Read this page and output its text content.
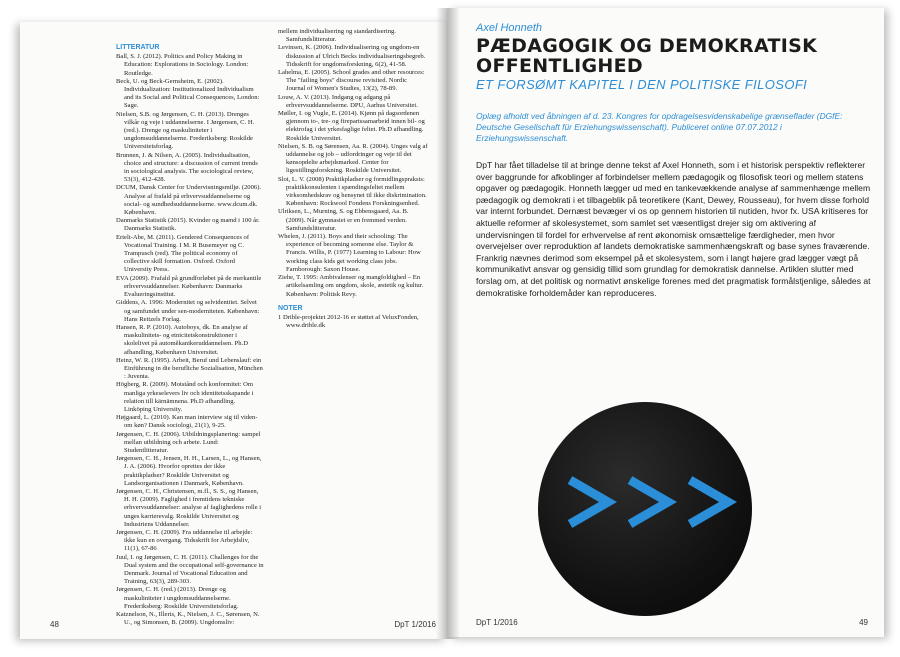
LITTERATUR

Ball, S. J. (2012). Politics and Policy Making in Education: Explorations in Sociology. London: Routledge.

Beck, U. og Beck-Gernsheim, E. (2002). Individualization: Institutionalized Individualism and its Social and Political Consequences, London: Sage.

Nielsen, S.B. og Jørgensen, C. H. (2013). Drenges vilkår og veje i uddannelserne. I Jørgensen, C. H. (red.). Drenge og maskuliniteter i ungdomsuddannelserne. Frederiksberg: Roskilde Universitetsforlag.

Brunnen, J. & Nilsen, A. (2005). Individualisation, choice and structure: a discussion of current trends in sociological analysis. The sociological review, 53(3), 412-428.

DCUM, Dansk Center for Undervisningsmiljø. (2006). Analyse af frafald på erhvervsuddannelserne og social- og sundhedsuddannelserne. www.dcum.dk. København.

Danmarks Statistik (2015). Kvinder og mænd i 100 år. Danmarks Statistik.

Ertelt-Abe, M. (2011). Gendered Consequences of Vocational Training. I M. R Busemeyer og C. Trampusch (red). The political economy of collective skill formation. Oxford. Oxford University Press.

EVA (2009). Frafald på grundforløbet på de merkantile erhvervsuddannelser. København: Danmarks Evalueringsinstitut.

Giddens, A. 1996: Modernitet og selvidentitet. Selvet og samfundet under sen-moderniteten. København: Hans Reitzels Forlag.

Hansen, R. P. (2010). Autoboys, dk. En analyse af maskulinitets- og etnicitetskonstruktioner i skolelivet på automěkanikeruddannelsen. Ph.D afhandling, København Universitet.

Heinz, W. R. (1995). Arbeit, Beruf und Lebenslauf: ein Einführung in die berufliche Sozialisation, München : Juventa.

Högberg, R. (2009). Motstånd och konformitet: Om manliga yrkeselevers liv och identitetsskapande i relation till kärnämnena. Ph.D afhandling. Linköping University.

Højgaard, L. (2010). Kan man interview sig til viden-om køn? Dansk sociologi, 21(1), 9-25.

Jørgensen, C. H. (2006). Utbildningsplanering: sampel mellan utbildning och arbete. Lund: Studentlitteratur.

Jørgensen, C. H., Jensen, H. H., Larsen, L., og Hansen, J. A. (2006). Hvorfor oprettes der ikke praktikpladser? Roskilde Universitet og Landsorganisationen i Danmark, København.

Jørgensen, C. H., Christensen, m.fl., S. S., og Hansen, H. H. (2009). Faglighed i fremtidens tekniske erhvervsuddannelser: analyse af faglighedens rolle i unges karrierevalg. Roskilde Universitet og Industriens Uddannelser.

Jørgensen, C. H. (2009). Fra uddannelse til arbejde: ikke kun en overgang. Tidsskrift for Arbejdsliv, 11(1), 67-86

Juul, I. og Jørgensen, C. H. (2011). Challenges for the Dual system and the occupational self-governance in Denmark. Journal of Vocational Education and Training, 63(3), 289-303.

Jørgensen, C. H. (red.) (2013). Drenge og maskuliniteter i ungdomsuddannelserne. Frederiksberg: Roskilde Universitetsforlag.

Katznelson, N., Illeris, K., Nielsen, J. C., Sørensen, N. U., og Simonsen, B. (2009). Ungdomsliv:

mellem individualisering og standardisering. Samfundslitteratur.

Levinsen, K. (2006). Individualisering og ungdom-en diskussion af Ulrich Becks individualiseringsbegreb. Tidsskrift for ungdomsforskning, 6(2), 41-58.

Lahelma, E. (2005). School grades and other resources: The "failing boys" discourse revisited. Nordic Journal of Women's Studies, 13(2), 78-89.

Louw, A. V. (2013). Indgang og adgang på erhvervsuddannelserne. DPU, Aarhus Universitet.

Møller, I. og Vugle, E. (2014). Kjønn på dagsordenen gjennom to-, tre- og firepartssamarbeid innen bil- og elektrofag i det yrkesfaglige feltet. Ph.D afhandling. Roskilde Universitet.

Nielsen, S. B. og Sørensen, Aa. R. (2004). Unges valg af uddannelse og job – udfordringer og veje til det kønsopdelte arbejdsmarked. Center for ligestillingsforskning. Roskilde Universitet.

Slot, L. V. (2008) Praktikpladser og formidlingspraksis: praktikkonsulenten i spændingsfeltet mellem virksomhedskrav og hensynet til ikke diskrimination. København: Rockwool Fondens Forskningsenhed.

Ulriksen, L., Murning, S. og Ebbensgaard, Aa. B. (2009). Når gymnasiet er en fremmed verden. Samfundslitteratur.

Whelen, J. (2011). Boys and their schooling: The experience of becoming someone else. Taylor & Francis. Willis, P. (1977) Learning to Labour: How working class kids get working class jobs. Farnborough: Saxon House.

Ziehe, T. 1995: Ambivalenser og mangfoldighed – En artikelsamling om ungdom, skole, æstetik og kultur. København: Politisk Revy.

NOTER

1 Drible-projektet 2012-16 er støttet af VeluxFonden, www.drible.dk

48	DpT 1/2016
Axel Honneth
PÆDAGOGIK OG DEMOKRATISK OFFENTLIGHED
ET FORSØMT KAPITEL I DEN POLITISKE FILOSOFI
Oplæg afholdt ved åbningen af d. 23. Kongres for opdragelsesvidenskabelige grænseflader (DGfE: Deutsche Gesellschaft für Erziehungswissenschaft). Publiceret online 07.07.2012 i Erziehungswissenschaft.
DpT har fået tilladelse til at bringe denne tekst af Axel Honneth, som i et historisk perspektiv reflekterer over baggrunde for afkoblinger af forbindelser mellem pædagogik og filosofisk teori og mellem statens opgaver og pædagogik. Honneth lægger ud med en tankevækkende analyse af sammenhænge mellem pædagogik og demokrati i et tilbageblik på teoretikere (Kant, Dewey, Rousseau), for hvem disse forhold var internt forbundet. Dernæst bevæger vi os op gennem historien til nutiden, hvor fx. USA kritiseres for aktuelle reformer af skolesystemet, som samlet set væsentligst drejer sig om aktivering af undervisningen til fordel for erhvervelse af rent økonomisk omsættelige færdigheder, men hvor overvejelser over reproduktion af landets demokratiske sammenhængskraft og base synes fraværende. Frankrig nævnes derimod som eksempel på et skolesystem, som i langt højere grad lægger vægt på kommunikativt ansvar og gensidig tillid som grundlag for demokratisk dannelse. Artiklen slutter med forslag om, at det politisk og normativt ønskelige forenes med det pragmatisk formålstjenlige, således at demokratiske forholdemåder kan reproduceres.
DpT 1/2016	49
